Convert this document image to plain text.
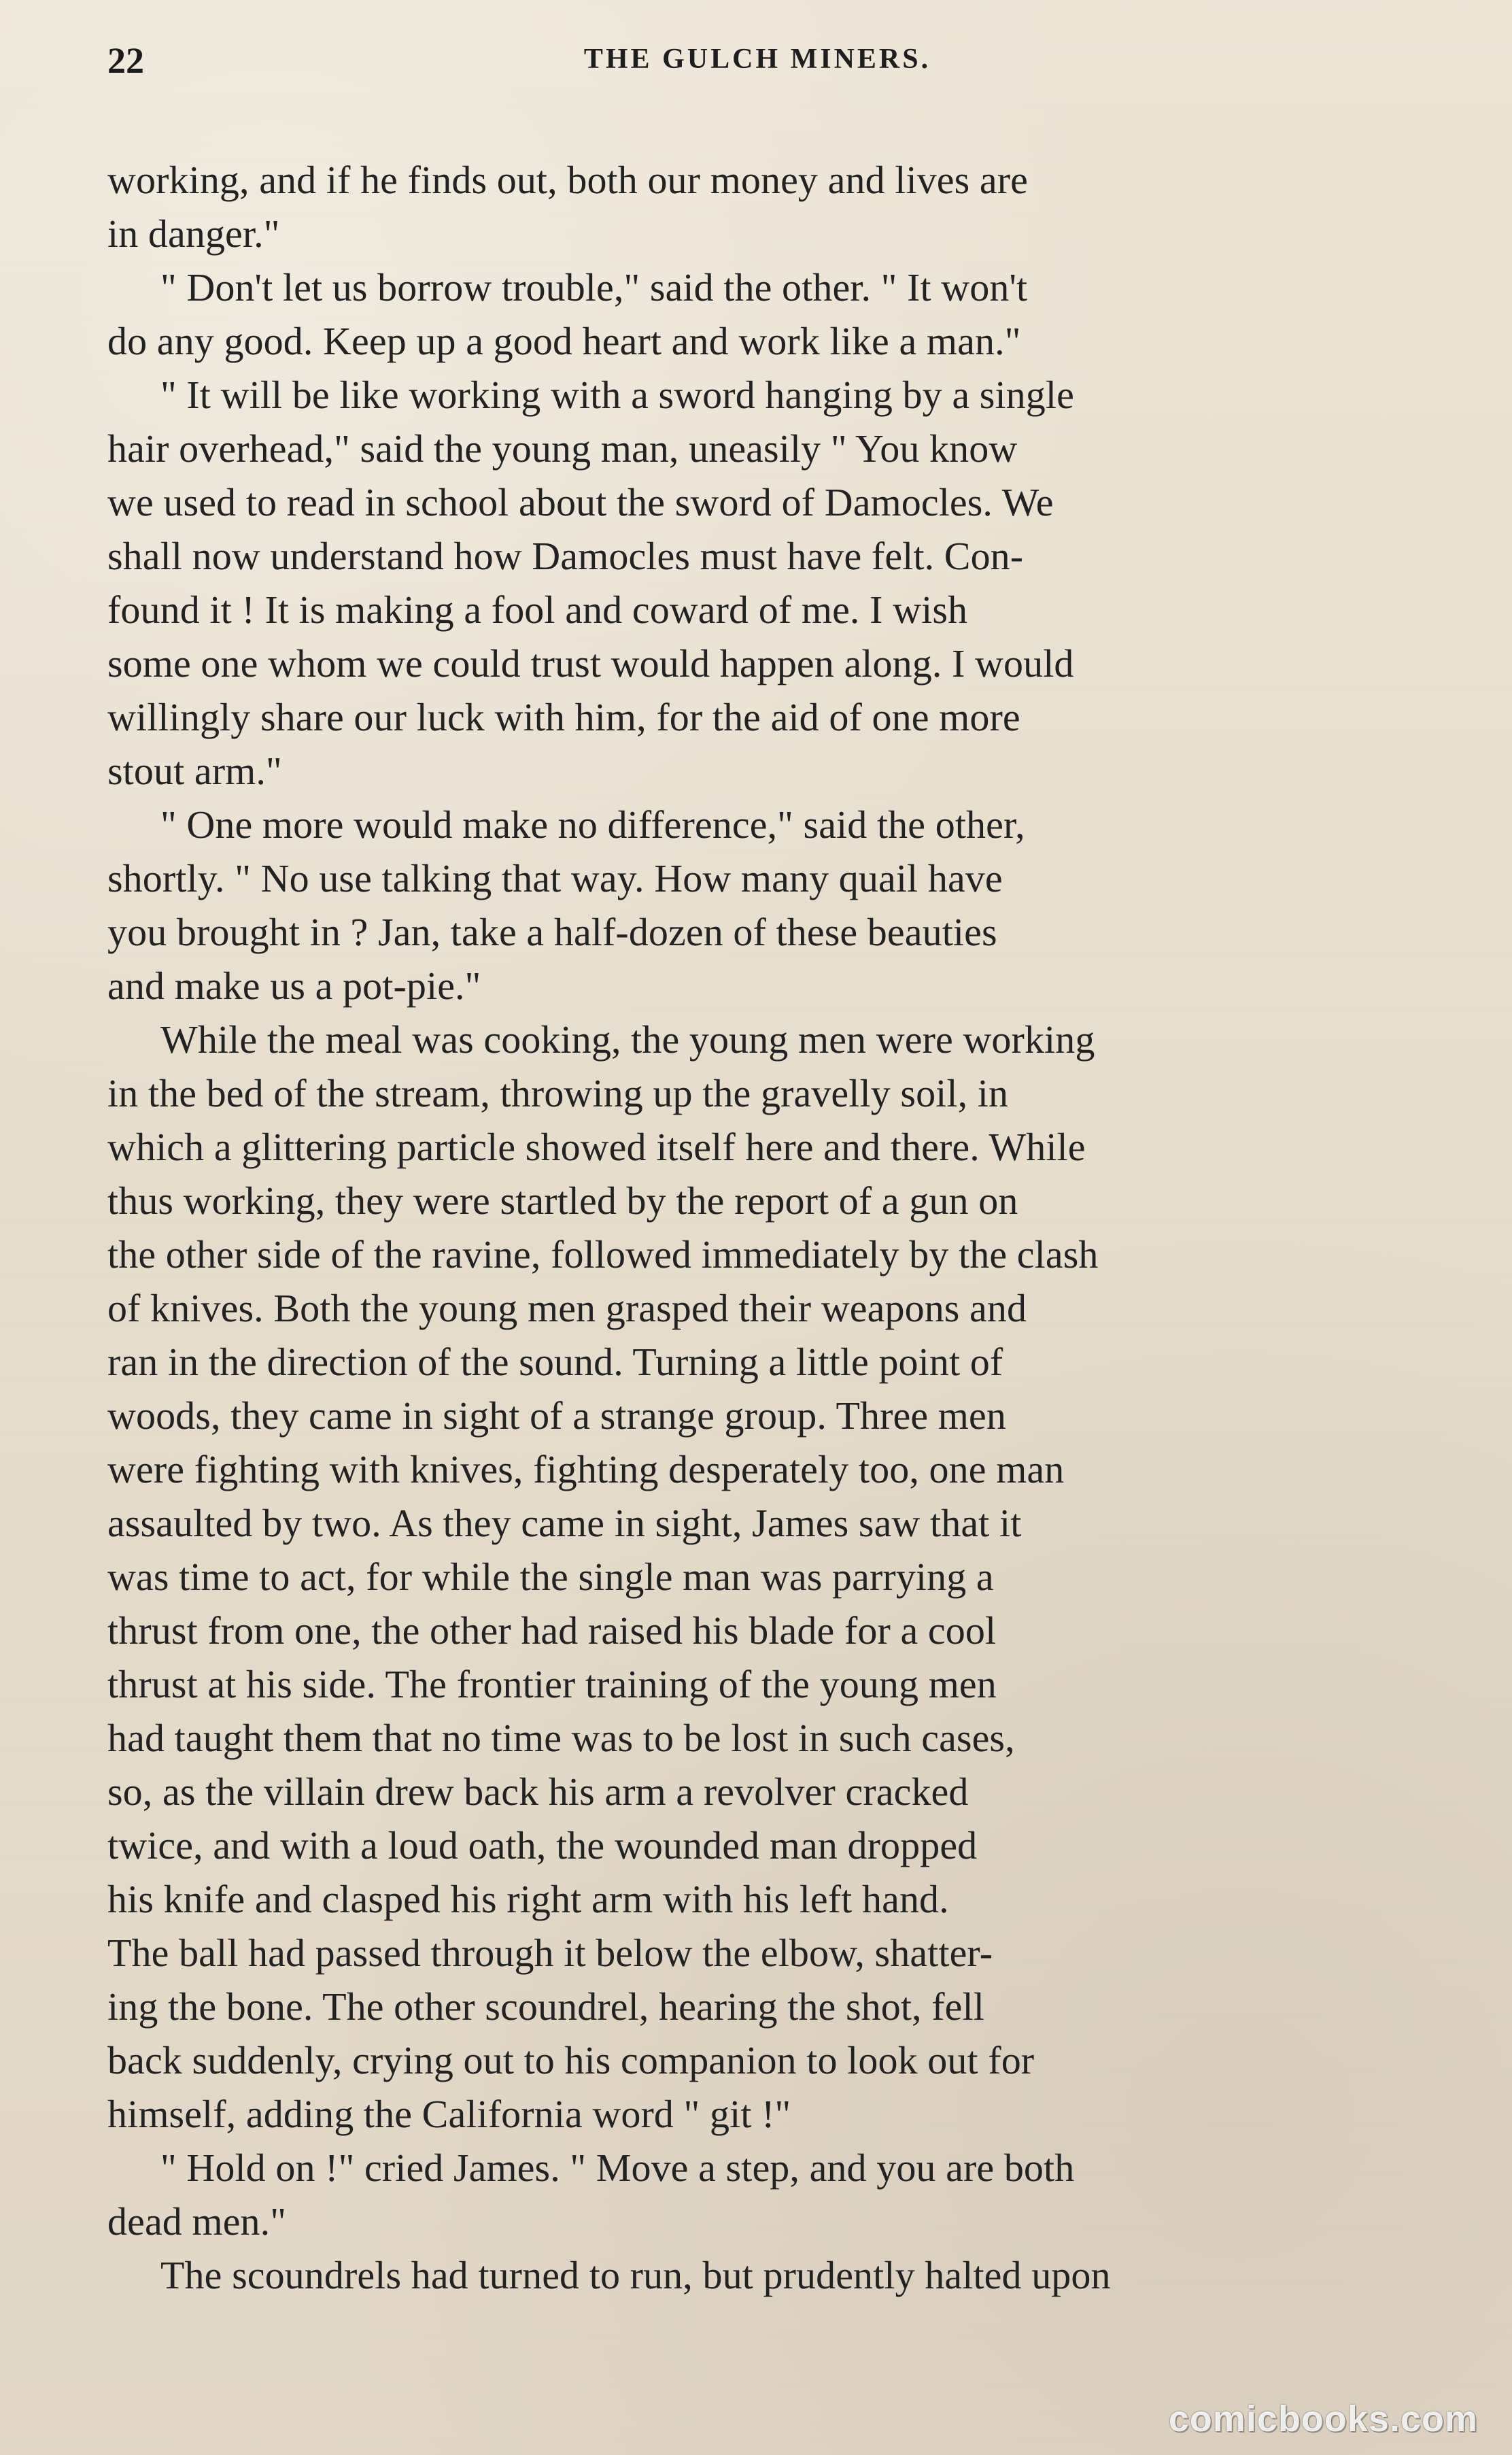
22	THE GULCH MINERS.
working, and if he finds out, both our money and lives are
in danger."
" Don't let us borrow trouble," said the other. " It won't
do any good. Keep up a good heart and work like a man."
" It will be like working with a sword hanging by a single
hair overhead," said the young man, uneasily " You know
we used to read in school about the sword of Damocles. We
shall now understand how Damocles must have felt. Con-
found it ! It is making a fool and coward of me. I wish
some one whom we could trust would happen along. I would
willingly share our luck with him, for the aid of one more
stout arm."
" One more would make no difference," said the other,
shortly. " No use talking that way. How many quail have
you brought in ? Jan, take a half-dozen of these beauties
and make us a pot-pie."
While the meal was cooking, the young men were working
in the bed of the stream, throwing up the gravelly soil, in
which a glittering particle showed itself here and there. While
thus working, they were startled by the report of a gun on
the other side of the ravine, followed immediately by the clash
of knives. Both the young men grasped their weapons and
ran in the direction of the sound. Turning a little point of
woods, they came in sight of a strange group. Three men
were fighting with knives, fighting desperately too, one man
assaulted by two. As they came in sight, James saw that it
was time to act, for while the single man was parrying a
thrust from one, the other had raised his blade for a cool
thrust at his side. The frontier training of the young men
had taught them that no time was to be lost in such cases,
so, as the villain drew back his arm a revolver cracked
twice, and with a loud oath, the wounded man dropped
his knife and clasped his right arm with his left hand.
The ball had passed through it below the elbow, shatter-
ing the bone. The other scoundrel, hearing the shot, fell
back suddenly, crying out to his companion to look out for
himself, adding the California word " git !"
" Hold on !" cried James. " Move a step, and you are both
dead men."
The scoundrels had turned to run, but prudently halted upon
comicbooks.com
